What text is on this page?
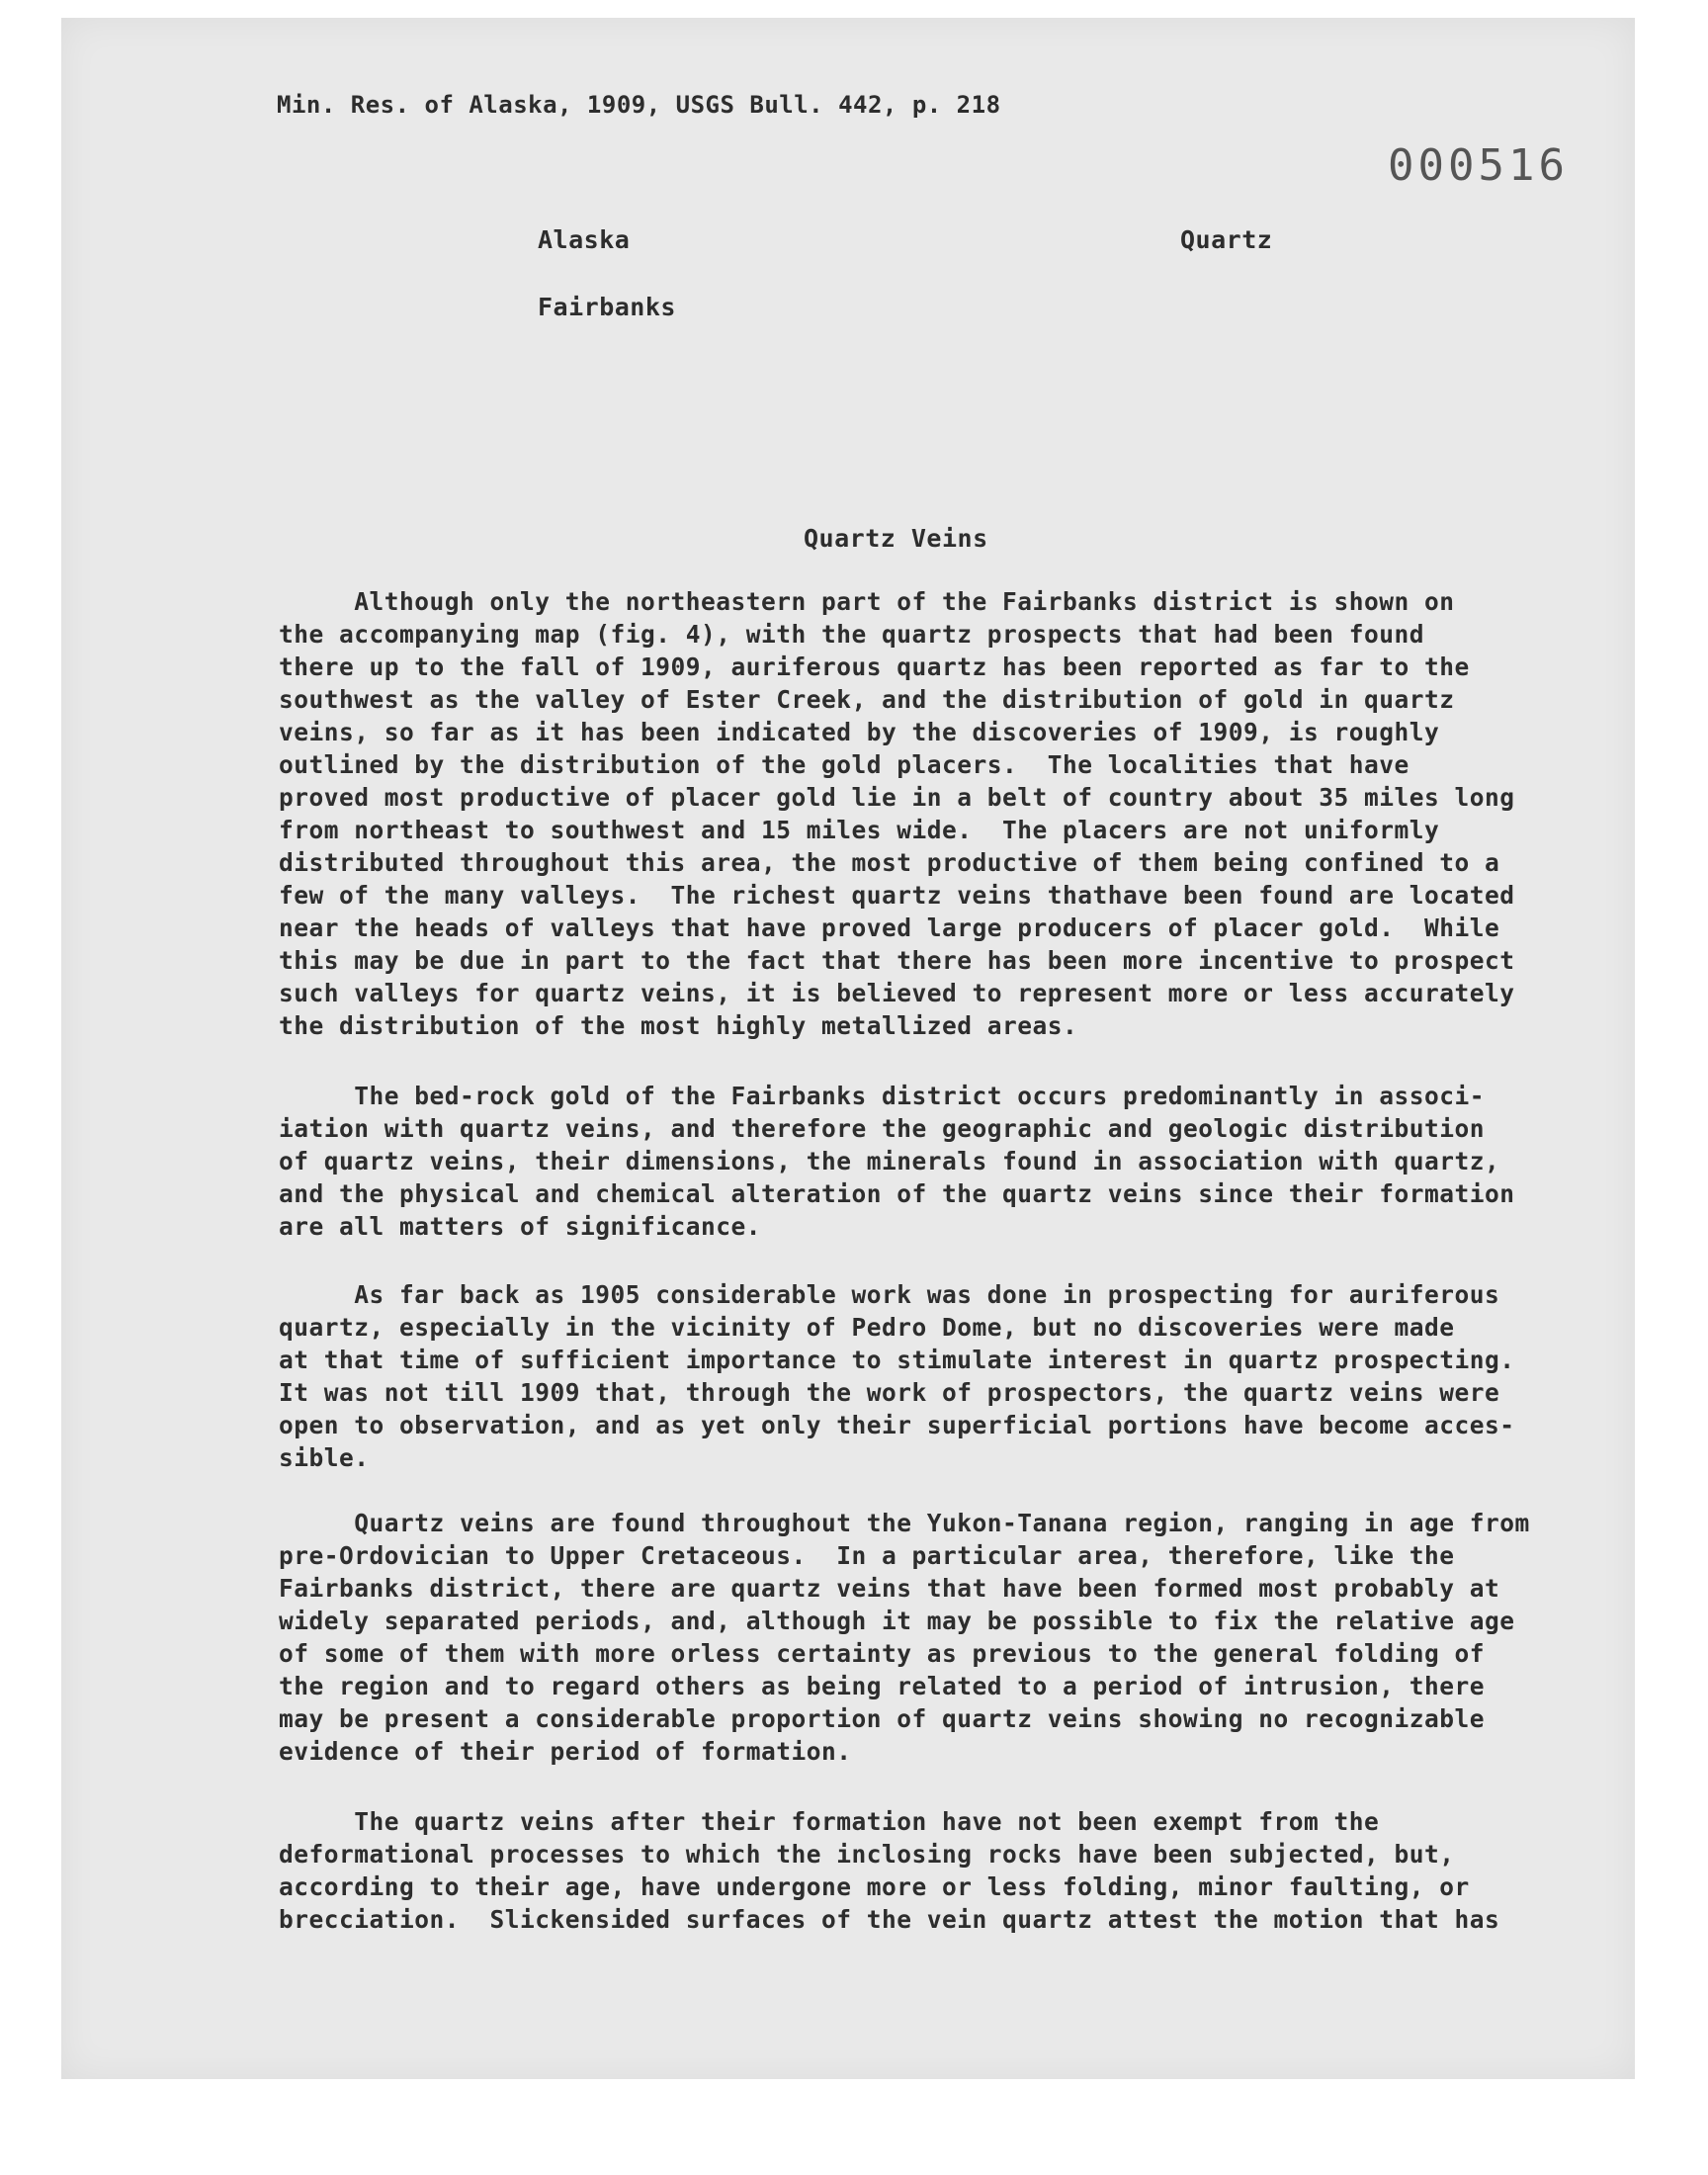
Min. Res. of Alaska, 1909, USGS Bull. 442, p. 218
000516
Alaska	Quartz
Fairbanks
Quartz Veins
Although only the northeastern part of the Fairbanks district is shown on
the accompanying map (fig. 4), with the quartz prospects that had been found
there up to the fall of 1909, auriferous quartz has been reported as far to the
southwest as the valley of Ester Creek, and the distribution of gold in quartz
veins, so far as it has been indicated by the discoveries of 1909, is roughly
outlined by the distribution of the gold placers.  The localities that have
proved most productive of placer gold lie in a belt of country about 35 miles long
from northeast to southwest and 15 miles wide.  The placers are not uniformly
distributed throughout this area, the most productive of them being confined to a
few of the many valleys.  The richest quartz veins thathave been found are located
near the heads of valleys that have proved large producers of placer gold.  While
this may be due in part to the fact that there has been more incentive to prospect
such valleys for quartz veins, it is believed to represent more or less accurately
the distribution of the most highly metallized areas.
The bed-rock gold of the Fairbanks district occurs predominantly in associ-
iation with quartz veins, and therefore the geographic and geologic distribution
of quartz veins, their dimensions, the minerals found in association with quartz,
and the physical and chemical alteration of the quartz veins since their formation
are all matters of significance.
As far back as 1905 considerable work was done in prospecting for auriferous
quartz, especially in the vicinity of Pedro Dome, but no discoveries were made
at that time of sufficient importance to stimulate interest in quartz prospecting.
It was not till 1909 that, through the work of prospectors, the quartz veins were
open to observation, and as yet only their superficial portions have become acces-
sible.
Quartz veins are found throughout the Yukon-Tanana region, ranging in age from
pre-Ordovician to Upper Cretaceous.  In a particular area, therefore, like the
Fairbanks district, there are quartz veins that have been formed most probably at
widely separated periods, and, although it may be possible to fix the relative age
of some of them with more orless certainty as previous to the general folding of
the region and to regard others as being related to a period of intrusion, there
may be present a considerable proportion of quartz veins showing no recognizable
evidence of their period of formation.
The quartz veins after their formation have not been exempt from the
deformational processes to which the inclosing rocks have been subjected, but,
according to their age, have undergone more or less folding, minor faulting, or
brecciation.  Slickensided surfaces of the vein quartz attest the motion that has
